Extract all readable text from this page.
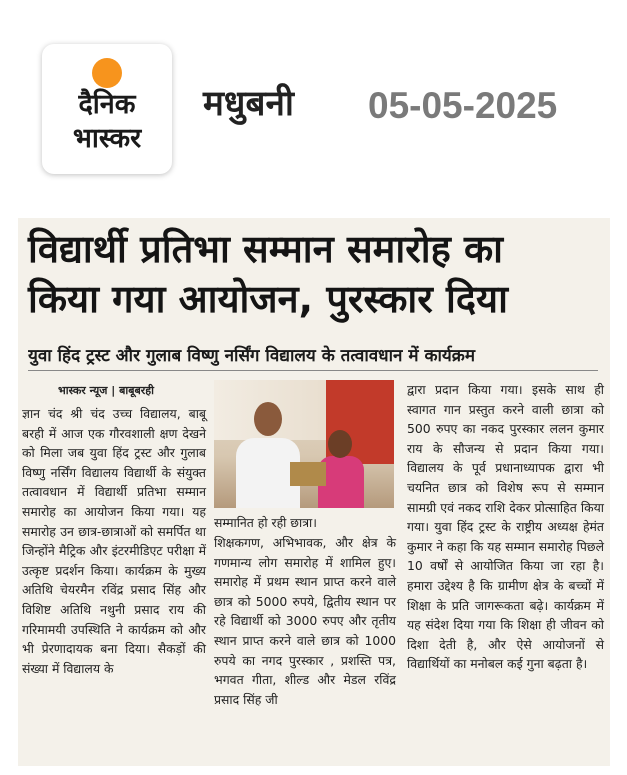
दैनिक
भास्कर
मधुबनी 05-05-2025
विद्यार्थी प्रतिभा सम्मान समारोह का
किया गया आयोजन, पुरस्कार दिया
युवा हिंद ट्रस्ट और गुलाब विष्णु नर्सिंग विद्यालय के तत्वावधान में कार्यक्रम
भास्कर न्यूज | बाबूबरही

ज्ञान चंद श्री चंद उच्च विद्यालय, बाबू बरही में आज एक गौरवशाली क्षण देखने को मिला जब युवा हिंद ट्रस्ट और गुलाब विष्णु नर्सिंग विद्यालय विद्यार्थी के संयुक्त तत्वावधान में विद्यार्थी प्रतिभा सम्मान समारोह का आयोजन किया गया। यह समारोह उन छात्र-छात्राओं को समर्पित था जिन्होंने मैट्रिक और इंटरमीडिएट परीक्षा में उत्कृष्ट प्रदर्शन किया। कार्यक्रम के मुख्य अतिथि चेयरमैन रविंद्र प्रसाद सिंह और विशिष्ट अतिथि नथुनी प्रसाद राय की गरिमामयी उपस्थिति ने कार्यक्रम को और भी प्रेरणादायक बना दिया। सैकड़ों की संख्या में विद्यालय के

सम्मानित हो रही छात्रा।

शिक्षकगण, अभिभावक, और क्षेत्र के गणमान्य लोग समारोह में शामिल हुए। समारोह में प्रथम स्थान प्राप्त करने वाले छात्र को 5000 रुपये, द्वितीय स्थान पर रहे विद्यार्थी को 3000 रुपए और तृतीय स्थान प्राप्त करने वाले छात्र को 1000 रुपये का नगद पुरस्कार , प्रशस्ति पत्र, भगवत गीता, शील्ड और मेडल रविंद्र प्रसाद सिंह जी

द्वारा प्रदान किया गया। इसके साथ ही स्वागत गान प्रस्तुत करने वाली छात्रा को 500 रुपए का नकद पुरस्कार ललन कुमार राय के सौजन्य से प्रदान किया गया। विद्यालय के पूर्व प्रधानाध्यापक द्वारा भी चयनित छात्र को विशेष रूप से सम्मान सामग्री एवं नकद राशि देकर प्रोत्साहित किया गया। युवा हिंद ट्रस्ट के राष्ट्रीय अध्यक्ष हेमंत कुमार ने कहा कि यह सम्मान समारोह पिछले 10 वर्षों से आयोजित किया जा रहा है। हमारा उद्देश्य है कि ग्रामीण क्षेत्र के बच्चों में शिक्षा के प्रति जागरूकता बढ़े। कार्यक्रम में यह संदेश दिया गया कि शिक्षा ही जीवन को दिशा देती है, और ऐसे आयोजनों से विद्यार्थियों का मनोबल कई गुना बढ़ता है।
